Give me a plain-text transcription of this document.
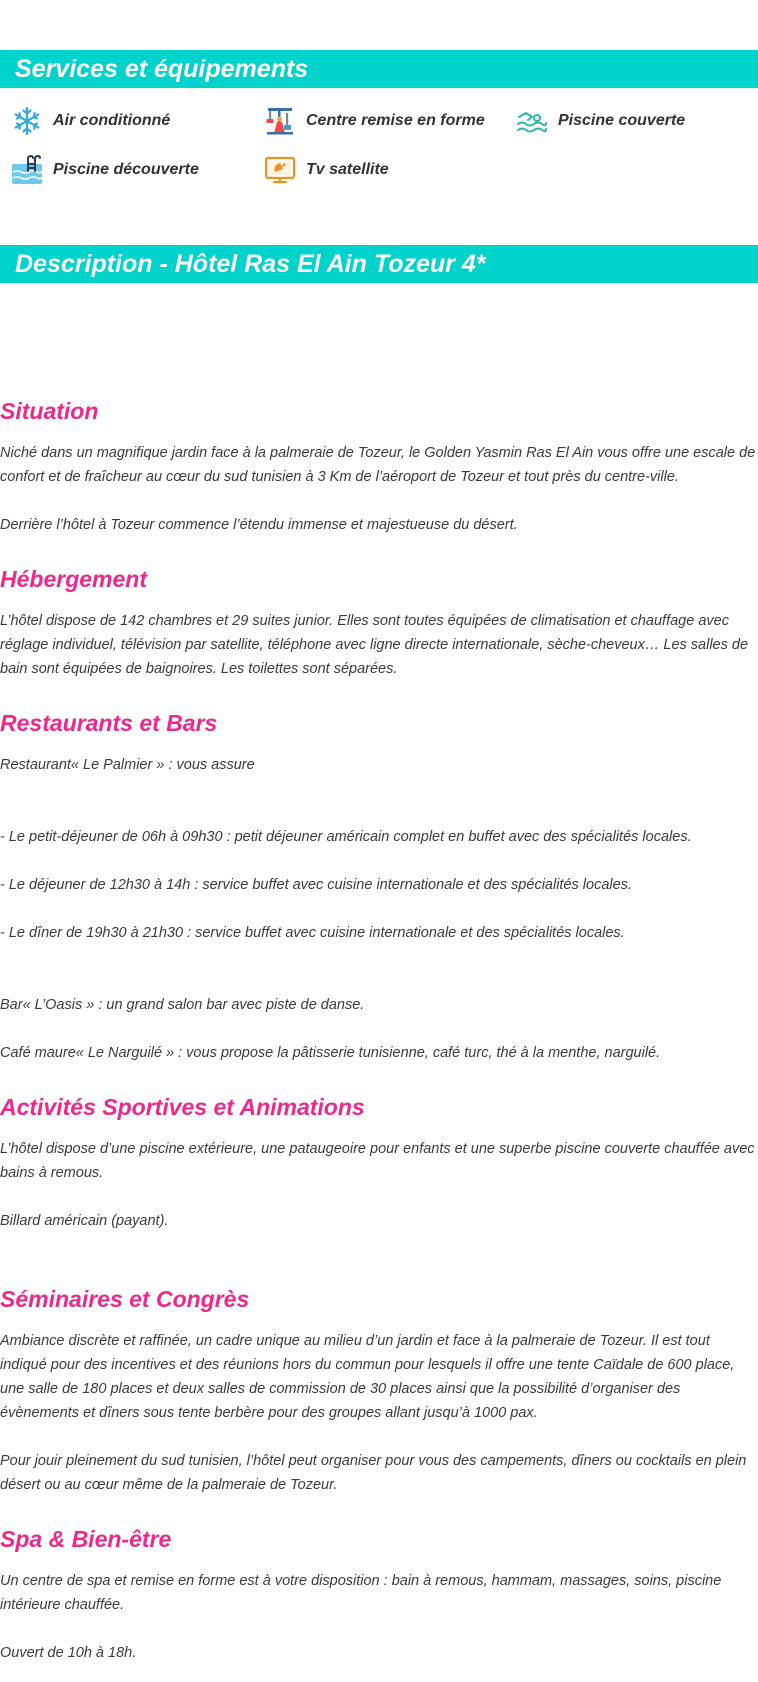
Services et équipements
Air conditionné	Centre remise en forme	Piscine couverte
Piscine découverte	Tv satellite
Description - Hôtel Ras El Ain Tozeur 4*
Situation

Niché dans un magnifique jardin face à la palmeraie de Tozeur, le Golden Yasmin Ras El Ain vous offre une escale de confort et de fraîcheur au cœur du sud tunisien à 3 Km de l’aéroport de Tozeur et tout près du centre-ville.

Derrière l’hôtel à Tozeur commence l’étendu immense et majestueuse du désert.

Hébergement

L’hôtel dispose de 142 chambres et 29 suites junior. Elles sont toutes équipées de climatisation et chauffage avec réglage individuel, télévision par satellite, téléphone avec ligne directe internationale, sèche-cheveux… Les salles de bain sont équipées de baignoires. Les toilettes sont séparées.

Restaurants et Bars

Restaurant« Le Palmier » : vous assure

- Le petit-déjeuner de 06h à 09h30 : petit déjeuner américain complet en buffet avec des spécialités locales.

- Le déjeuner de 12h30 à 14h : service buffet avec cuisine internationale et des spécialités locales.

- Le dîner de 19h30 à 21h30 : service buffet avec cuisine internationale et des spécialités locales.

Bar« L’Oasis » : un grand salon bar avec piste de danse.

Café maure« Le Narguilé » : vous propose la pâtisserie tunisienne, café turc, thé à la menthe, narguilé.

Activités Sportives et Animations

L’hôtel dispose d’une piscine extérieure, une pataugeoire pour enfants et une superbe piscine couverte chauffée avec bains à remous.

Billard américain (payant).

Séminaires et Congrès

Ambiance discrète et raffinée, un cadre unique au milieu d’un jardin et face à la palmeraie de Tozeur. Il est tout indiqué pour des incentives et des réunions hors du commun pour lesquels il offre une tente Caïdale de 600 place, une salle de 180 places et deux salles de commission de 30 places ainsi que la possibilité d’organiser des évènements et dîners sous tente berbère pour des groupes allant jusqu’à 1000 pax.

Pour jouir pleinement du sud tunisien, l’hôtel peut organiser pour vous des campements, dîners ou cocktails en plein désert ou au cœur même de la palmeraie de Tozeur.

Spa & Bien-être

Un centre de spa et remise en forme est à votre disposition : bain à remous, hammam, massages, soins, piscine intérieure chauffée.

Ouvert de 10h à 18h.
